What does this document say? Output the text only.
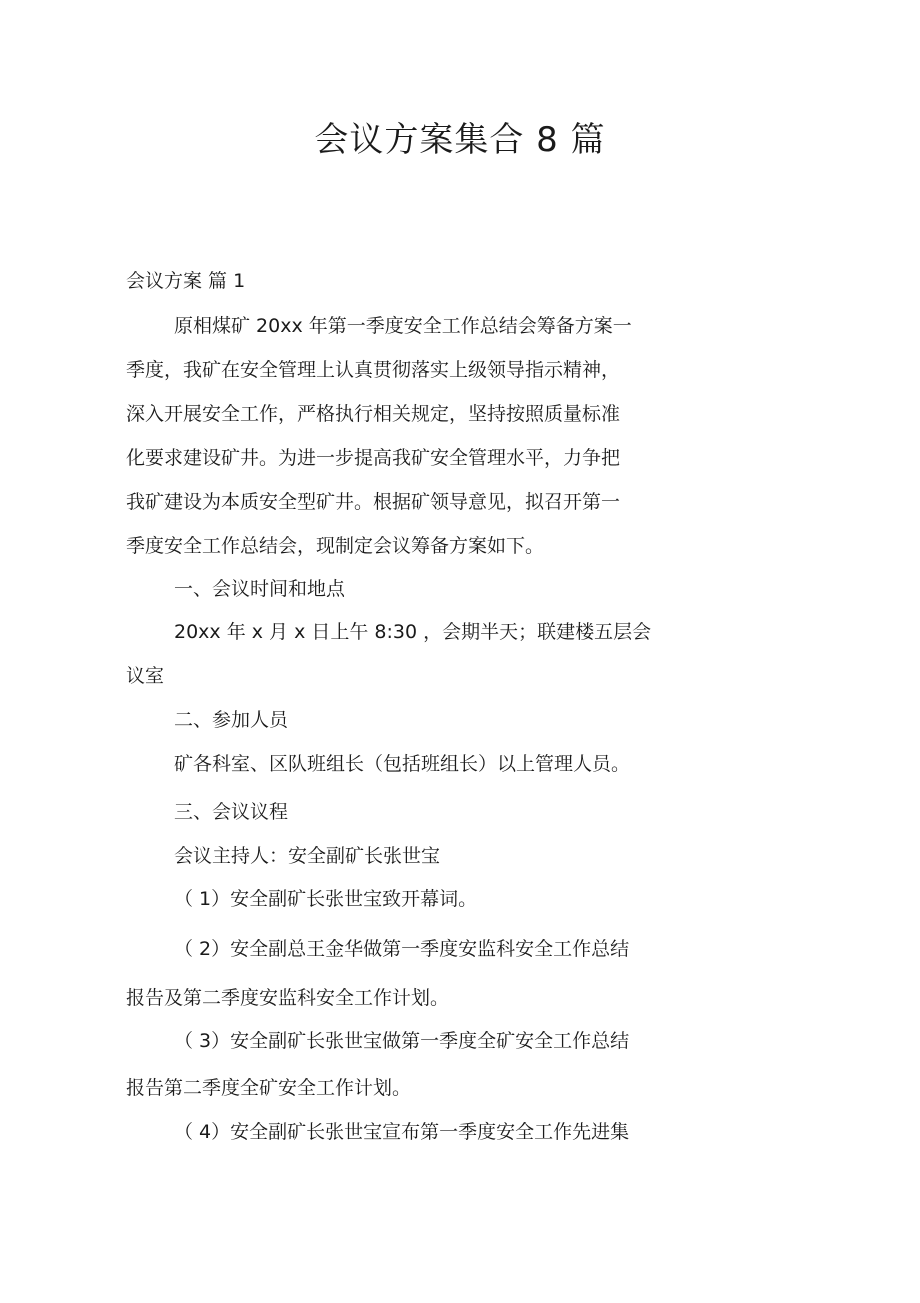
会议方案集合 8 篇

会议方案 篇 1

原相煤矿 20xx 年第一季度安全工作总结会筹备方案一

季度，我矿在安全管理上认真贯彻落实上级领导指示精神，

深入开展安全工作，严格执行相关规定，坚持按照质量标准

化要求建设矿井。为进一步提高我矿安全管理水平，力争把

我矿建设为本质安全型矿井。根据矿领导意见，拟召开第一

季度安全工作总结会，现制定会议筹备方案如下。

一、会议时间和地点

20xx 年 x 月 x 日上午 8:30 ，会期半天；联建楼五层会

议室

二、参加人员

矿各科室、区队班组长（包括班组长）以上管理人员。

三、会议议程

会议主持人：安全副矿长张世宝

（ 1）安全副矿长张世宝致开幕词。

（ 2）安全副总王金华做第一季度安监科安全工作总结

报告及第二季度安监科安全工作计划。

（ 3）安全副矿长张世宝做第一季度全矿安全工作总结

报告第二季度全矿安全工作计划。

（ 4）安全副矿长张世宝宣布第一季度安全工作先进集
